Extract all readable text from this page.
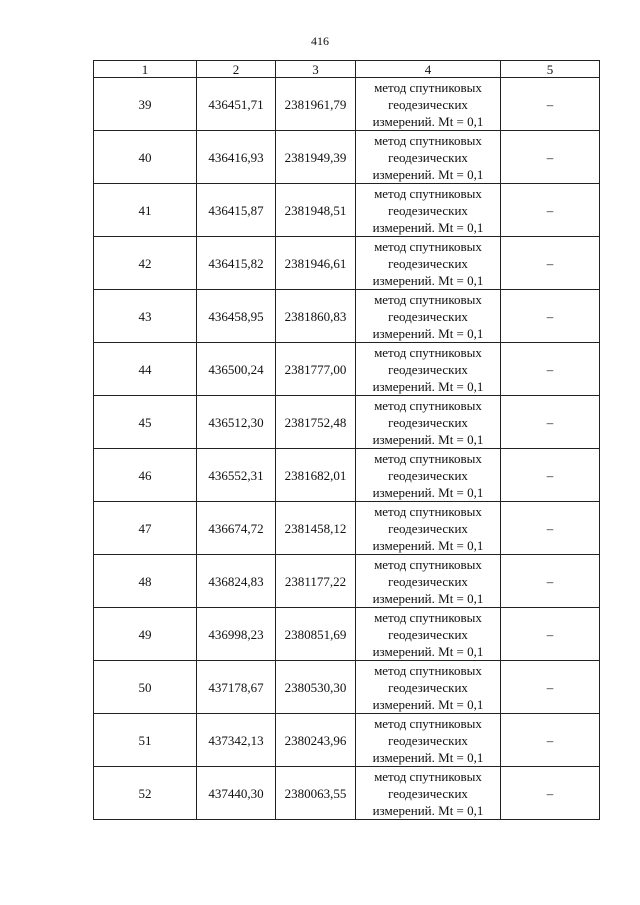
416
1	2	3	4	5
39	436451,71	2381961,79	метод спутниковых
геодезических
измерений. Mt = 0,1	–
40	436416,93	2381949,39	метод спутниковых
геодезических
измерений. Mt = 0,1	–
41	436415,87	2381948,51	метод спутниковых
геодезических
измерений. Mt = 0,1	–
42	436415,82	2381946,61	метод спутниковых
геодезических
измерений. Mt = 0,1	–
43	436458,95	2381860,83	метод спутниковых
геодезических
измерений. Mt = 0,1	–
44	436500,24	2381777,00	метод спутниковых
геодезических
измерений. Mt = 0,1	–
45	436512,30	2381752,48	метод спутниковых
геодезических
измерений. Mt = 0,1	–
46	436552,31	2381682,01	метод спутниковых
геодезических
измерений. Mt = 0,1	–
47	436674,72	2381458,12	метод спутниковых
геодезических
измерений. Mt = 0,1	–
48	436824,83	2381177,22	метод спутниковых
геодезических
измерений. Mt = 0,1	–
49	436998,23	2380851,69	метод спутниковых
геодезических
измерений. Mt = 0,1	–
50	437178,67	2380530,30	метод спутниковых
геодезических
измерений. Mt = 0,1	–
51	437342,13	2380243,96	метод спутниковых
геодезических
измерений. Mt = 0,1	–
52	437440,30	2380063,55	метод спутниковых
геодезических
измерений. Mt = 0,1	–
